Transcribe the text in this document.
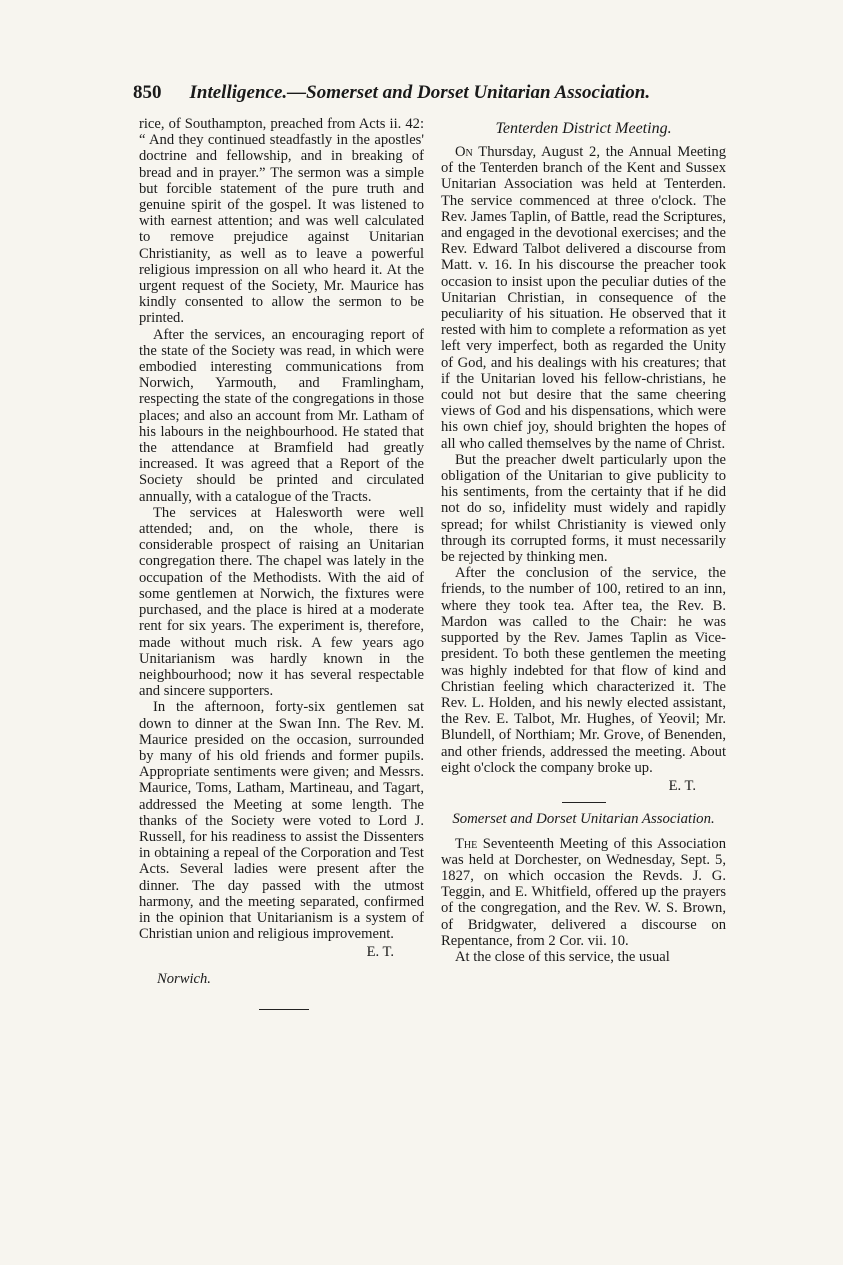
850 Intelligence.—Somerset and Dorset Unitarian Association.

rice, of Southampton, preached from Acts ii. 42: “ And they continued steadfastly in the apostles' doctrine and fellowship, and in breaking of bread and in prayer.” The sermon was a simple but forcible statement of the pure truth and genuine spirit of the gospel. It was listened to with earnest attention; and was well calculated to remove prejudice against Unitarian Christianity, as well as to leave a powerful religious impression on all who heard it. At the urgent request of the Society, Mr. Maurice has kindly consented to allow the sermon to be printed.

After the services, an encouraging report of the state of the Society was read, in which were embodied interesting communications from Norwich, Yarmouth, and Framlingham, respecting the state of the congregations in those places; and also an account from Mr. Latham of his labours in the neighbourhood. He stated that the attendance at Bramfield had greatly increased. It was agreed that a Report of the Society should be printed and circulated annually, with a catalogue of the Tracts.

The services at Halesworth were well attended; and, on the whole, there is considerable prospect of raising an Unitarian congregation there. The chapel was lately in the occupation of the Methodists. With the aid of some gentlemen at Norwich, the fixtures were purchased, and the place is hired at a moderate rent for six years. The experiment is, therefore, made without much risk. A few years ago Unitarianism was hardly known in the neighbourhood; now it has several respectable and sincere supporters.

In the afternoon, forty-six gentlemen sat down to dinner at the Swan Inn. The Rev. M. Maurice presided on the occasion, surrounded by many of his old friends and former pupils. Appropriate sentiments were given; and Messrs. Maurice, Toms, Latham, Martineau, and Tagart, addressed the Meeting at some length. The thanks of the Society were voted to Lord J. Russell, for his readiness to assist the Dissenters in obtaining a repeal of the Corporation and Test Acts. Several ladies were present after the dinner. The day passed with the utmost harmony, and the meeting separated, confirmed in the opinion that Unitarianism is a system of Christian union and religious improvement.

E. T.
Norwich.
Tenterden District Meeting.

On Thursday, August 2, the Annual Meeting of the Tenterden branch of the Kent and Sussex Unitarian Association was held at Tenterden. The service commenced at three o'clock. The Rev. James Taplin, of Battle, read the Scriptures, and engaged in the devotional exercises; and the Rev. Edward Talbot delivered a discourse from Matt. v. 16. In his discourse the preacher took occasion to insist upon the peculiar duties of the Unitarian Christian, in consequence of the peculiarity of his situation. He observed that it rested with him to complete a reformation as yet left very imperfect, both as regarded the Unity of God, and his dealings with his creatures; that if the Unitarian loved his fellow-christians, he could not but desire that the same cheering views of God and his dispensations, which were his own chief joy, should brighten the hopes of all who called themselves by the name of Christ.

But the preacher dwelt particularly upon the obligation of the Unitarian to give publicity to his sentiments, from the certainty that if he did not do so, infidelity must widely and rapidly spread; for whilst Christianity is viewed only through its corrupted forms, it must necessarily be rejected by thinking men.

After the conclusion of the service, the friends, to the number of 100, retired to an inn, where they took tea. After tea, the Rev. B. Mardon was called to the Chair: he was supported by the Rev. James Taplin as Vice-president. To both these gentlemen the meeting was highly indebted for that flow of kind and Christian feeling which characterized it. The Rev. L. Holden, and his newly elected assistant, the Rev. E. Talbot, Mr. Hughes, of Yeovil; Mr. Blundell, of Northiam; Mr. Grove, of Benenden, and other friends, addressed the meeting. About eight o'clock the company broke up.

E. T.
Somerset and Dorset Unitarian Association.

The Seventeenth Meeting of this Association was held at Dorchester, on Wednesday, Sept. 5, 1827, on which occasion the Revds. J. G. Teggin, and E. Whitfield, offered up the prayers of the congregation, and the Rev. W. S. Brown, of Bridgwater, delivered a discourse on Repentance, from 2 Cor. vii. 10.

At the close of this service, the usual
